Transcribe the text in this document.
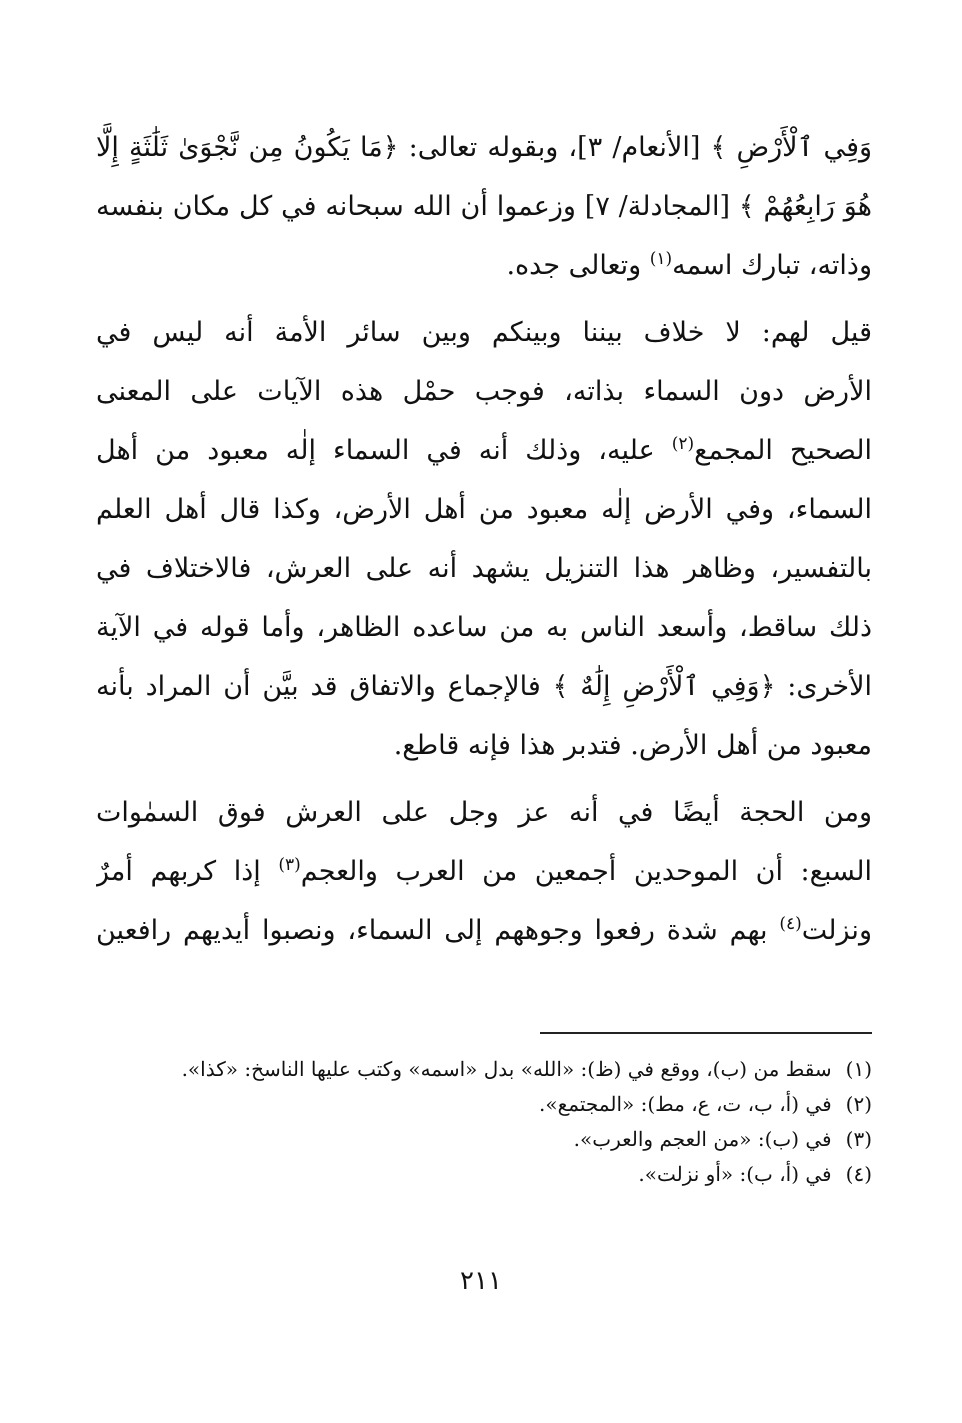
وَفِي ٱلْأَرْضِ ﴾ [الأنعام/ ٣]، وبقوله تعالى: ﴿مَا يَكُونُ مِن نَّجْوَىٰ ثَلَٰثَةٍ إِلَّا
هُوَ رَابِعُهُمْ ﴾ [المجادلة/ ٧] وزعموا أن الله سبحانه في كل مكان بنفسه
وذاته، تبارك اسمه$^{(١)}$ وتعالى جده.
قيل لهم: لا خلاف بيننا وبينكم وبين سائر الأمة أنه ليس في
الأرض دون السماء بذاته، فوجب حمْل هذه الآيات على المعنى
الصحيح المجمع$^{(٢)}$ عليه، وذلك أنه في السماء إلٰه معبود من أهل
السماء، وفي الأرض إلٰه معبود من أهل الأرض، وكذا قال أهل العلم
بالتفسير، وظاهر هذا التنزيل يشهد أنه على العرش، فالاختلاف في
ذلك ساقط، وأسعد الناس به من ساعده الظاهر، وأما قوله في الآية
الأخرى: ﴿وَفِي ٱلْأَرْضِ إِلَٰهٌ ﴾ فالإجماع والاتفاق قد بيَّن أن المراد بأنه
معبود من أهل الأرض. فتدبر هذا فإنه قاطع.
ومن الحجة أيضًا في أنه عز وجل على العرش فوق السمٰوات
السبع: أن الموحدين أجمعين من العرب والعجم$^{(٣)}$ إذا كربهم أمرٌ
ونزلت$^{(٤)}$ بهم شدة رفعوا وجوههم إلى السماء، ونصبوا أيديهم رافعين
(١)سقط من (ب)، ووقع في (ظ): «الله» بدل «اسمه» وكتب عليها الناسخ: «كذا».
(٢)في (أ، ب، ت، ع، مط): «المجتمع».
(٣)في (ب): «من العجم والعرب».
(٤)في (أ، ب): «أو نزلت».
٢١١
